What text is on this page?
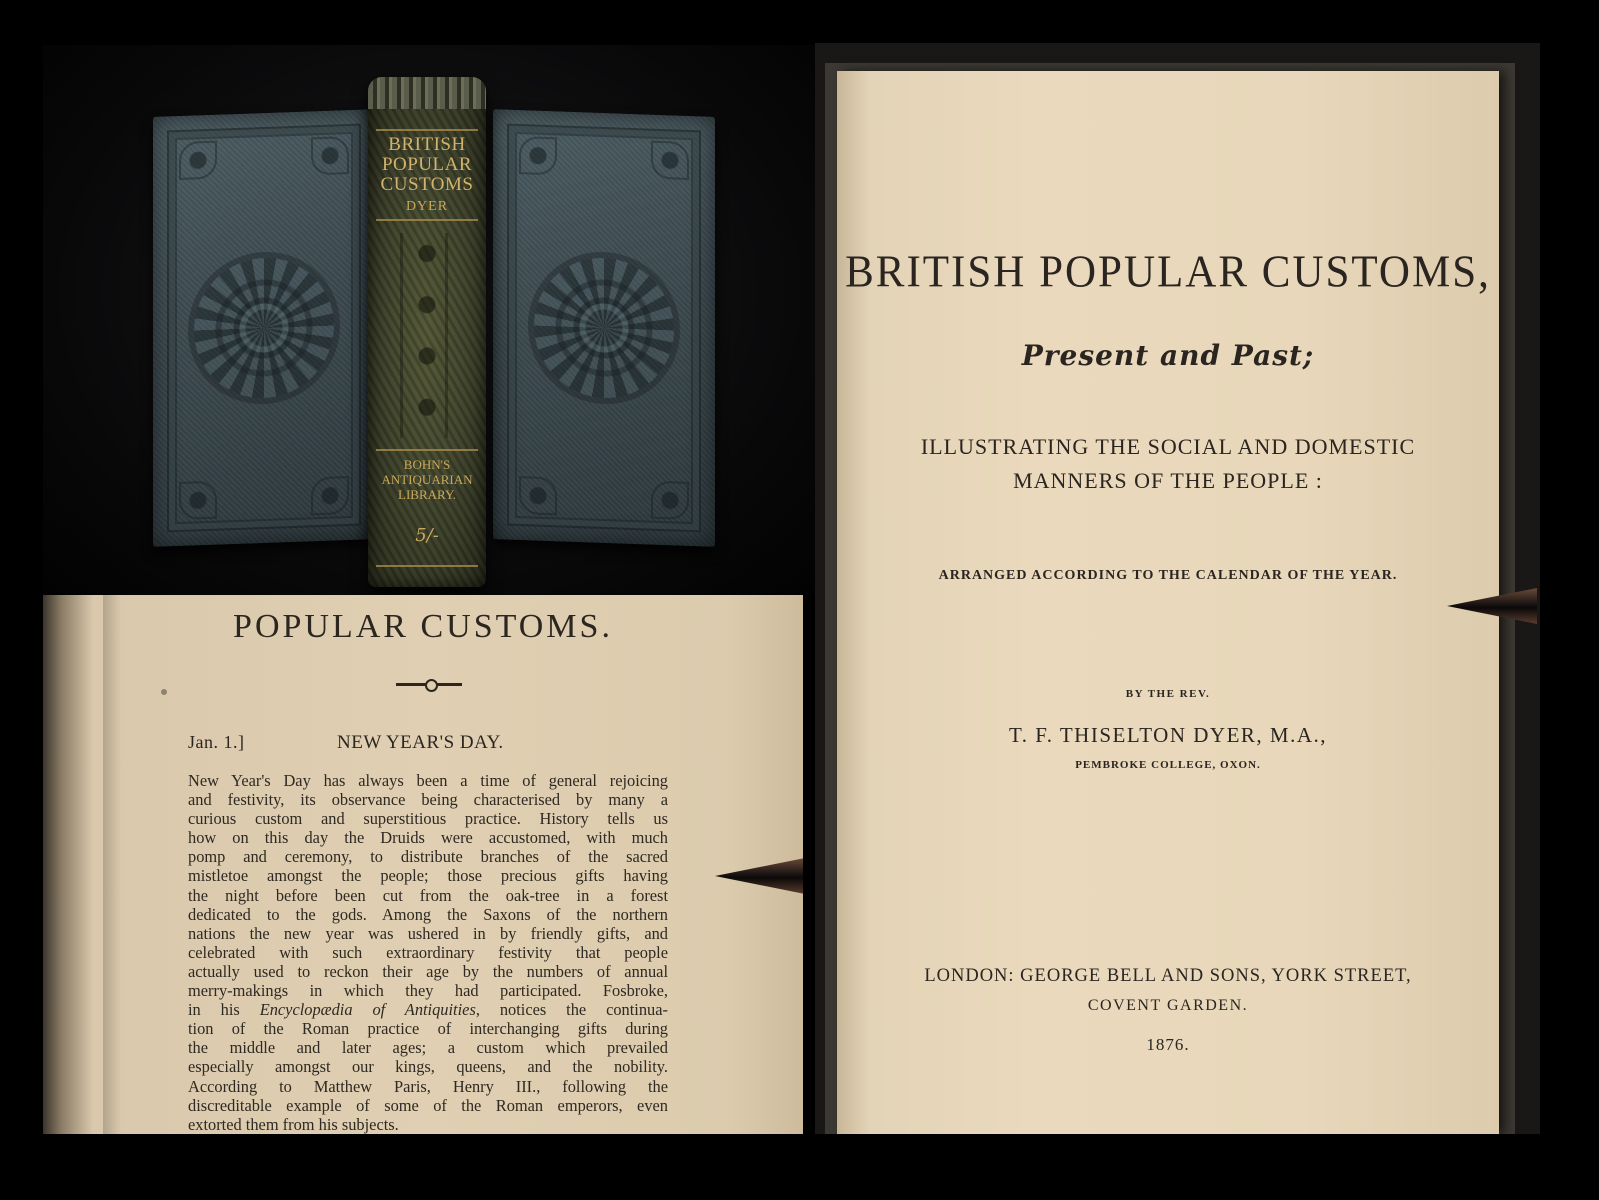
BRITISH
POPULAR
CUSTOMS
DYER
BOHN'S
ANTIQUARIAN
LIBRARY.
5/-
POPULAR CUSTOMS.
Jan. 1.]	NEW YEAR'S DAY.
New Year's Day has always been a time of general rejoicing
and festivity, its observance being characterised by many a
curious custom and superstitious practice. History tells us
how on this day the Druids were accustomed, with much
pomp and ceremony, to distribute branches of the sacred
mistletoe amongst the people; those precious gifts having
the night before been cut from the oak-tree in a forest
dedicated to the gods. Among the Saxons of the northern
nations the new year was ushered in by friendly gifts, and
celebrated with such extraordinary festivity that people
actually used to reckon their age by the numbers of annual
merry-makings in which they had participated. Fosbroke,
in his Encyclopædia of Antiquities, notices the continua-
tion of the Roman practice of interchanging gifts during
the middle and later ages; a custom which prevailed
especially amongst our kings, queens, and the nobility.
According to Matthew Paris, Henry III., following the
discreditable example of some of the Roman emperors, even
extorted them from his subjects.
BRITISH POPULAR CUSTOMS,
Present and Past;
ILLUSTRATING THE SOCIAL AND DOMESTIC
MANNERS OF THE PEOPLE :
ARRANGED ACCORDING TO THE CALENDAR OF THE YEAR.
BY THE REV.
T. F. THISELTON DYER, M.A.,
PEMBROKE COLLEGE, OXON.
LONDON: GEORGE BELL AND SONS, YORK STREET,
COVENT GARDEN.
1876.
